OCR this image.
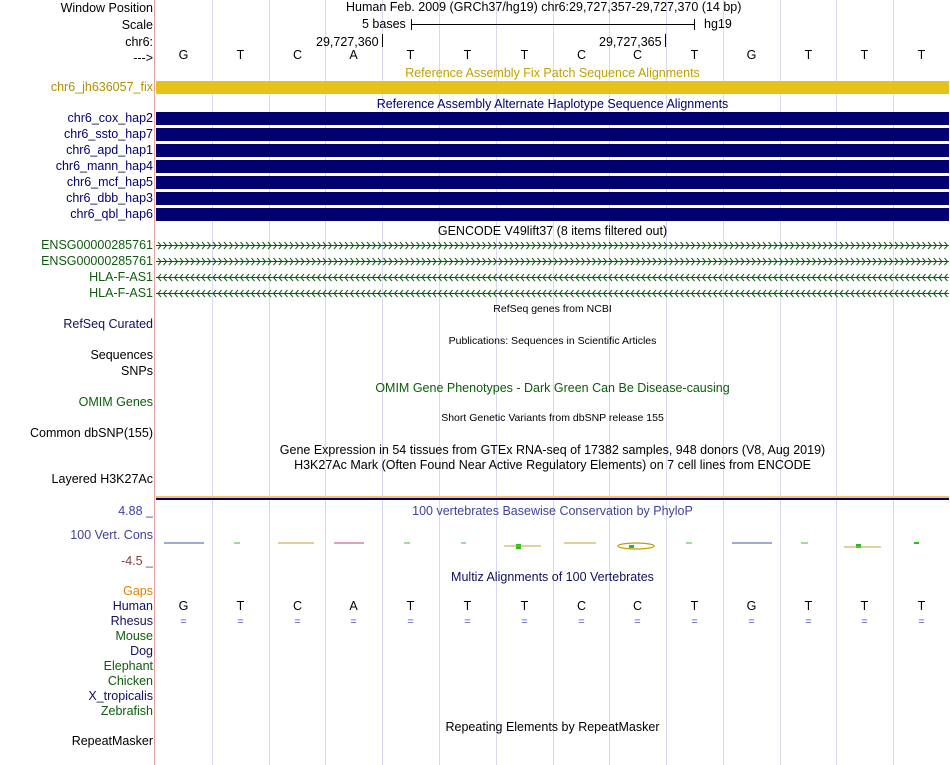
Window Position
Scale
chr6:
--->
Human Feb. 2009 (GRCh37/hg19) chr6:29,727,357-29,727,370 (14 bp)
5 bases	hg19
29,727,360	29,727,365
G	T	C	A	T	T	T	C	C	T	G	T	T	T
Reference Assembly Fix Patch Sequence Alignments
chr6_jh636057_fix
Reference Assembly Alternate Haplotype Sequence Alignments
chr6_cox_hap2
chr6_ssto_hap7
chr6_apd_hap1
chr6_mann_hap4
chr6_mcf_hap5
chr6_dbb_hap3
chr6_qbl_hap6
GENCODE V49lift37 (8 items filtered out)
ENSG00000285761
ENSG00000285761
HLA-F-AS1
HLA-F-AS1
RefSeq genes from NCBI
RefSeq Curated
Publications: Sequences in Scientific Articles
Sequences
SNPs
OMIM Gene Phenotypes - Dark Green Can Be Disease-causing
OMIM Genes
Short Genetic Variants from dbSNP release 155
Common dbSNP(155)
Gene Expression in 54 tissues from GTEx RNA-seq of 17382 samples, 948 donors (V8, Aug 2019)
H3K27Ac Mark (Often Found Near Active Regulatory Elements) on 7 cell lines from ENCODE
Layered H3K27Ac
100 vertebrates Basewise Conservation by PhyloP
4.88 _
100 Vert. Cons
-4.5 _
Multiz Alignments of 100 Vertebrates
Gaps
Human
Rhesus
Mouse
Dog
Elephant
Chicken
X_tropicalis
Zebrafish
G	T	C	A	T	T	T	C	C	T	G	T	T	T
=	=	=	=	=	=	=	=	=	=	=	=	=	=
Repeating Elements by RepeatMasker
RepeatMasker
